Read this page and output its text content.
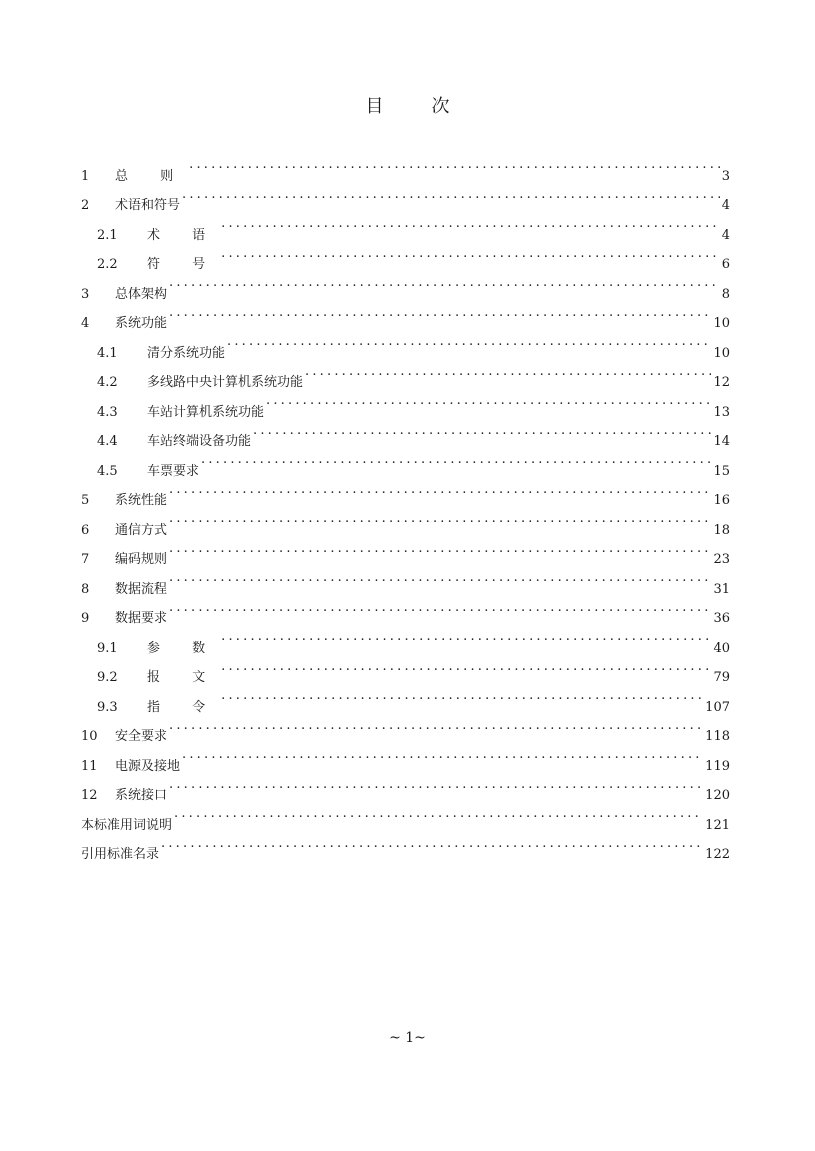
目	次
1	总 则 .....	3
2	术语和符号 .....	4
2.1	术 语 .....	4
2.2	符 号 .....	6
3	总体架构 .....	8
4	系统功能 .....	10
4.1	清分系统功能 .....	10
4.2	多线路中央计算机系统功能 .....	12
4.3	车站计算机系统功能 .....	13
4.4	车站终端设备功能 .....	14
4.5	车票要求 .....	15
5	系统性能 .....	16
6	通信方式 .....	18
7	编码规则 .....	23
8	数据流程 .....	31
9	数据要求 .....	36
9.1	参 数 .....	40
9.2	报 文 .....	79
9.3	指 令 .....	107
10	安全要求 .....	118
11	电源及接地 .....	119
12	系统接口 .....	120
本标准用词说明 .....	121
引用标准名录 .....	122
~ 1~
